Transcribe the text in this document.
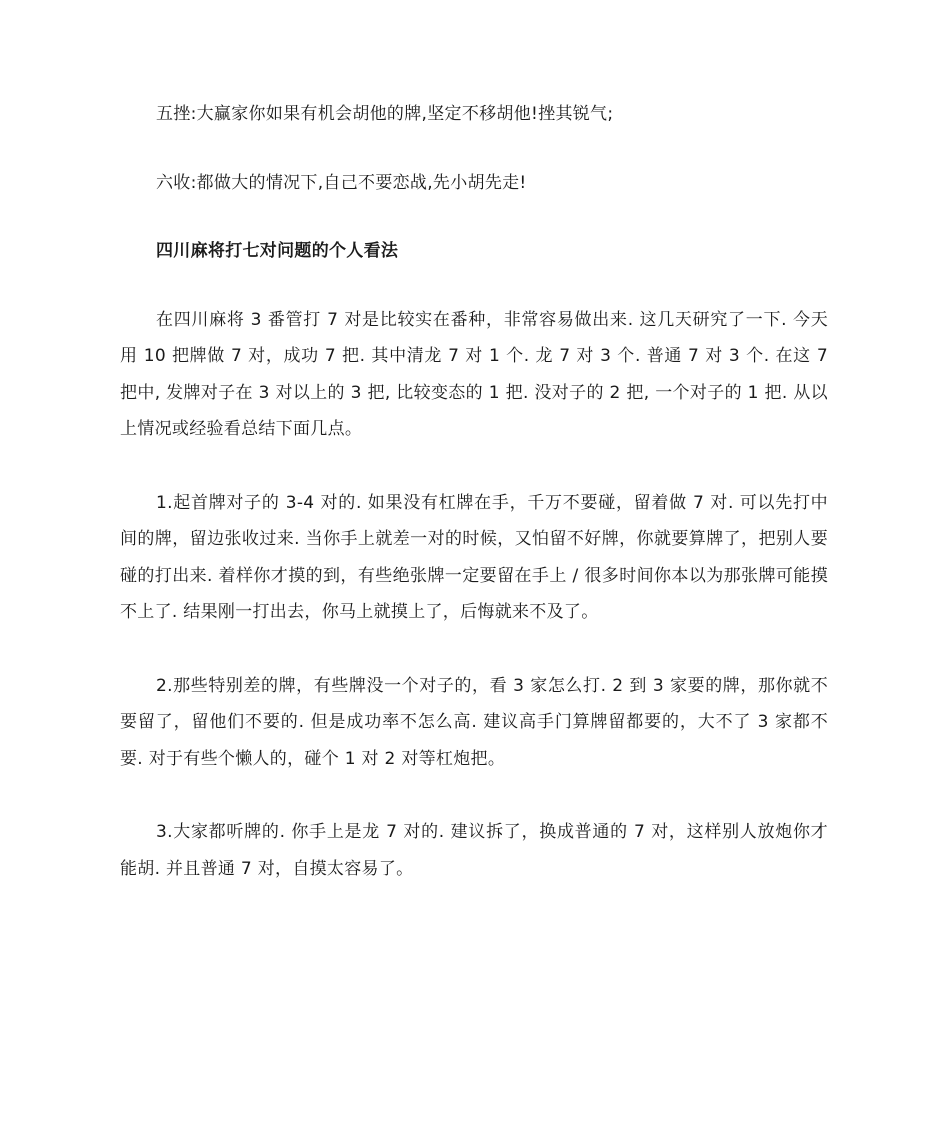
五挫:大赢家你如果有机会胡他的牌,坚定不移胡他!挫其锐气;

六收:都做大的情况下,自己不要恋战,先小胡先走!

四川麻将打七对问题的个人看法

在四川麻将 3 番管打 7 对是比较实在番种，非常容易做出来. 这几天研究了一下. 今天用 10 把牌做 7 对，成功 7 把. 其中清龙 7 对 1 个. 龙 7 对 3 个. 普通 7 对 3 个. 在这 7 把中, 发牌对子在 3 对以上的 3 把, 比较变态的 1 把. 没对子的 2 把, 一个对子的 1 把. 从以上情况或经验看总结下面几点。

1.起首牌对子的 3-4 对的. 如果没有杠牌在手，千万不要碰，留着做 7 对. 可以先打中间的牌，留边张收过来. 当你手上就差一对的时候，又怕留不好牌，你就要算牌了，把别人要碰的打出来. 着样你才摸的到，有些绝张牌一定要留在手上 / 很多时间你本以为那张牌可能摸不上了. 结果刚一打出去，你马上就摸上了，后悔就来不及了。

2.那些特别差的牌，有些牌没一个对子的，看 3 家怎么打. 2 到 3 家要的牌，那你就不要留了，留他们不要的. 但是成功率不怎么高. 建议高手门算牌留都要的，大不了 3 家都不要. 对于有些个懒人的，碰个 1 对 2 对等杠炮把。

3.大家都听牌的. 你手上是龙 7 对的. 建议拆了，换成普通的 7 对，这样别人放炮你才能胡. 并且普通 7 对，自摸太容易了。
